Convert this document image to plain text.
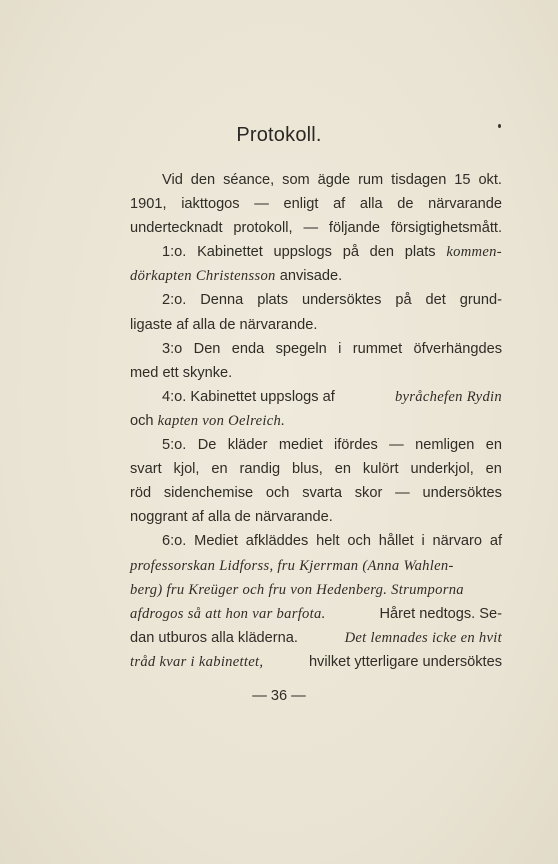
Protokoll.
Vid den séance, som ägde rum tisdagen 15 okt.
1901, iakttogos — enligt af alla de närvarande
undertecknadt protokoll, — följande försigtighetsmått.
1:o. Kabinettet uppslogs på den plats kommen-
dörkapten Christensson anvisade.
2:o. Denna plats undersöktes på det grund-
ligaste af alla de närvarande.
3:o Den enda spegeln i rummet öfverhängdes
med ett skynke.
4:o. Kabinettet uppslogs af	byråchefen Rydin
och kapten von Oelreich.
5:o. De kläder mediet ifördes — nemligen en
svart kjol, en randig blus, en kulört underkjol, en
röd sidenchemise och svarta skor — undersöktes
noggrant af alla de närvarande.
6:o. Mediet afkläddes helt och hållet i närvaro af
professorskan Lidforss, fru Kjerrman (Anna Wahlen-
berg) fru Kreüger och fru von Hedenberg. Strumporna
afdrogos så att hon var barfota.	Håret nedtogs. Se-
dan utburos alla kläderna.	Det lemnades icke en hvit
tråd kvar i kabinettet,	hvilket ytterligare undersöktes
— 36 —
